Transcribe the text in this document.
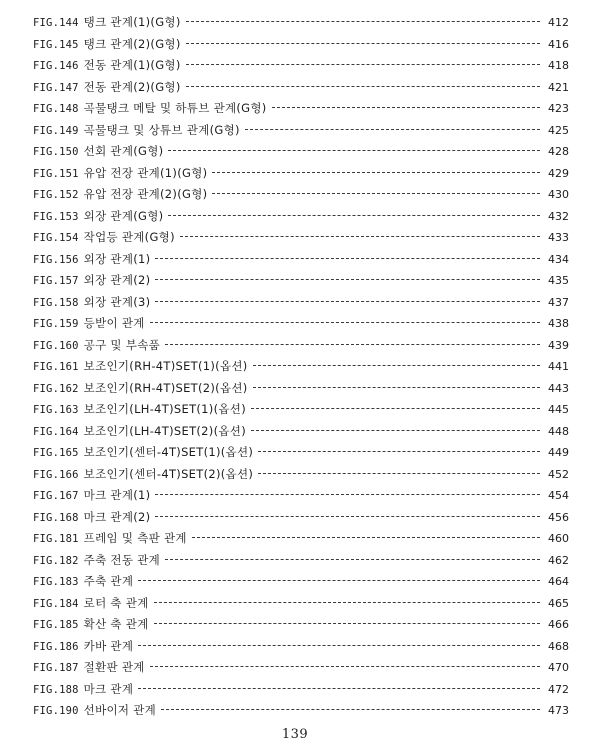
FIG.144 탱크 관계(1)(G형)	412
FIG.145 탱크 관계(2)(G형)	416
FIG.146 전동 관계(1)(G형)	418
FIG.147 전동 관계(2)(G형)	421
FIG.148 곡물탱크 메탈 및 하튜브 관계(G형)	423
FIG.149 곡물탱크 및 상튜브 관계(G형)	425
FIG.150 선회 관계(G형)	428
FIG.151 유압 전장 관계(1)(G형)	429
FIG.152 유압 전장 관계(2)(G형)	430
FIG.153 외장 관계(G형)	432
FIG.154 작업등 관계(G형)	433
FIG.156 외장 관계(1)	434
FIG.157 외장 관계(2)	435
FIG.158 외장 관계(3)	437
FIG.159 등받이 관계	438
FIG.160 공구 및 부속품	439
FIG.161 보조인기(RH-4T)SET(1)(옵션)	441
FIG.162 보조인기(RH-4T)SET(2)(옵션)	443
FIG.163 보조인기(LH-4T)SET(1)(옵션)	445
FIG.164 보조인기(LH-4T)SET(2)(옵션)	448
FIG.165 보조인기(센터-4T)SET(1)(옵션)	449
FIG.166 보조인기(센터-4T)SET(2)(옵션)	452
FIG.167 마크 관계(1)	454
FIG.168 마크 관계(2)	456
FIG.181 프레임 및 측판 관계	460
FIG.182 주축 전동 관계	462
FIG.183 주축 관계	464
FIG.184 로터 축 관계	465
FIG.185 확산 축 관계	466
FIG.186 카바 관계	468
FIG.187 절환판 관계	470
FIG.188 마크 관계	472
FIG.190 선바이저 관계	473
139
